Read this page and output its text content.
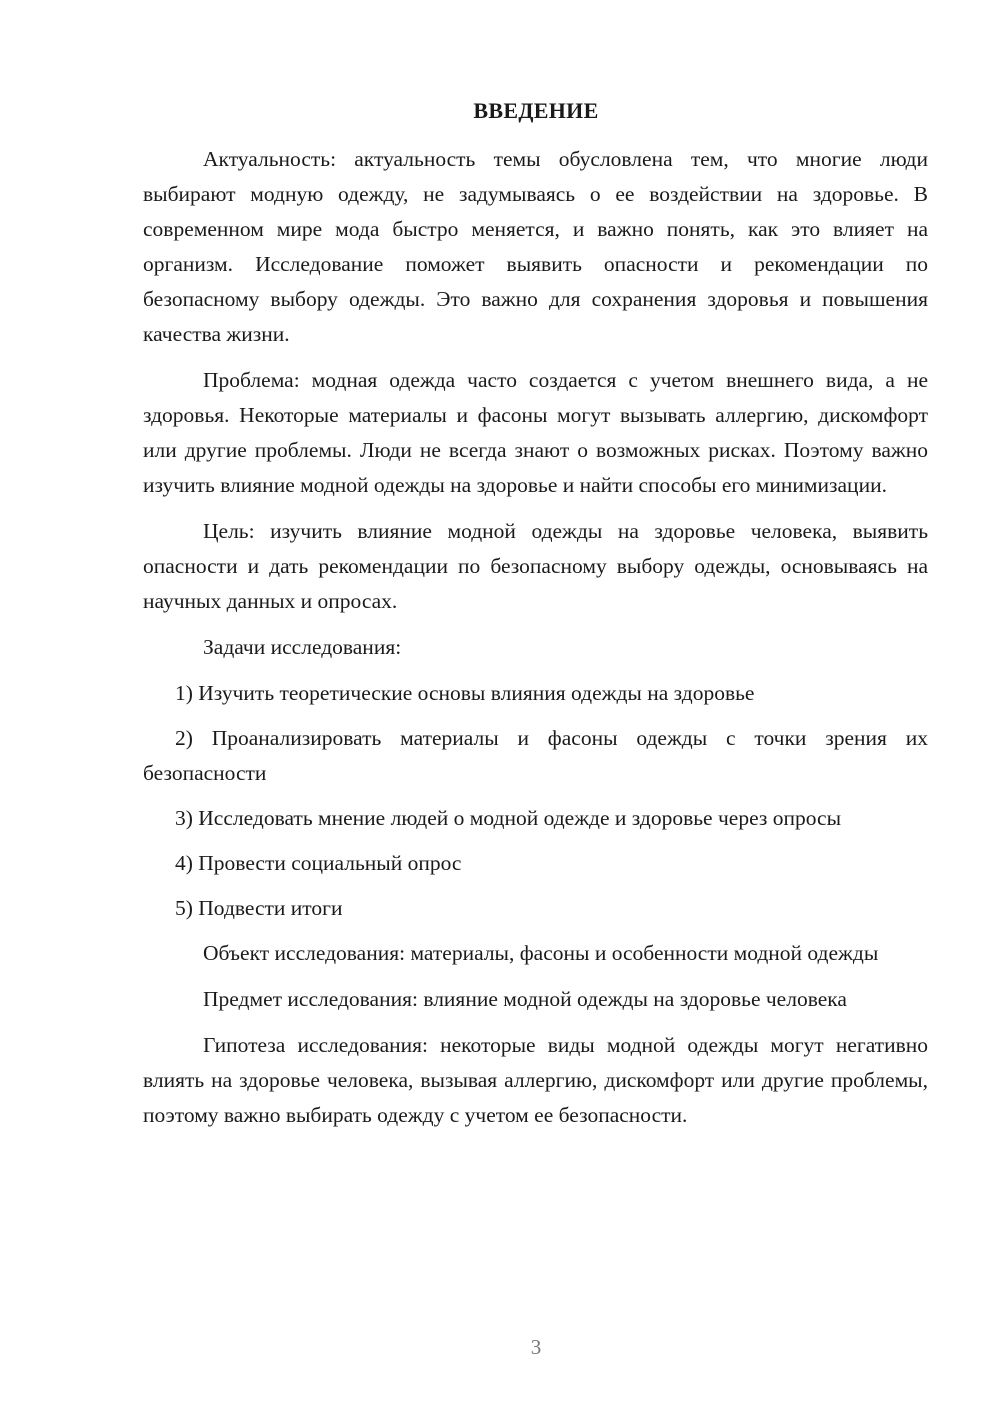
ВВЕДЕНИЕ

Актуальность: актуальность темы обусловлена тем, что многие люди выбирают модную одежду, не задумываясь о ее воздействии на здоровье. В современном мире мода быстро меняется, и важно понять, как это влияет на организм. Исследование поможет выявить опасности и рекомендации по безопасному выбору одежды. Это важно для сохранения здоровья и повышения качества жизни.

Проблема: модная одежда часто создается с учетом внешнего вида, а не здоровья. Некоторые материалы и фасоны могут вызывать аллергию, дискомфорт или другие проблемы. Люди не всегда знают о возможных рисках. Поэтому важно изучить влияние модной одежды на здоровье и найти способы его минимизации.

Цель: изучить влияние модной одежды на здоровье человека, выявить опасности и дать рекомендации по безопасному выбору одежды, основываясь на научных данных и опросах.

Задачи исследования:

1) Изучить теоретические основы влияния одежды на здоровье

2) Проанализировать материалы и фасоны одежды с точки зрения их безопасности

3) Исследовать мнение людей о модной одежде и здоровье через опросы

4) Провести социальный опрос

5) Подвести итоги

Объект исследования: материалы, фасоны и особенности модной одежды

Предмет исследования: влияние модной одежды на здоровье человека

Гипотеза исследования: некоторые виды модной одежды могут негативно влиять на здоровье человека, вызывая аллергию, дискомфорт или другие проблемы, поэтому важно выбирать одежду с учетом ее безопасности.

3
